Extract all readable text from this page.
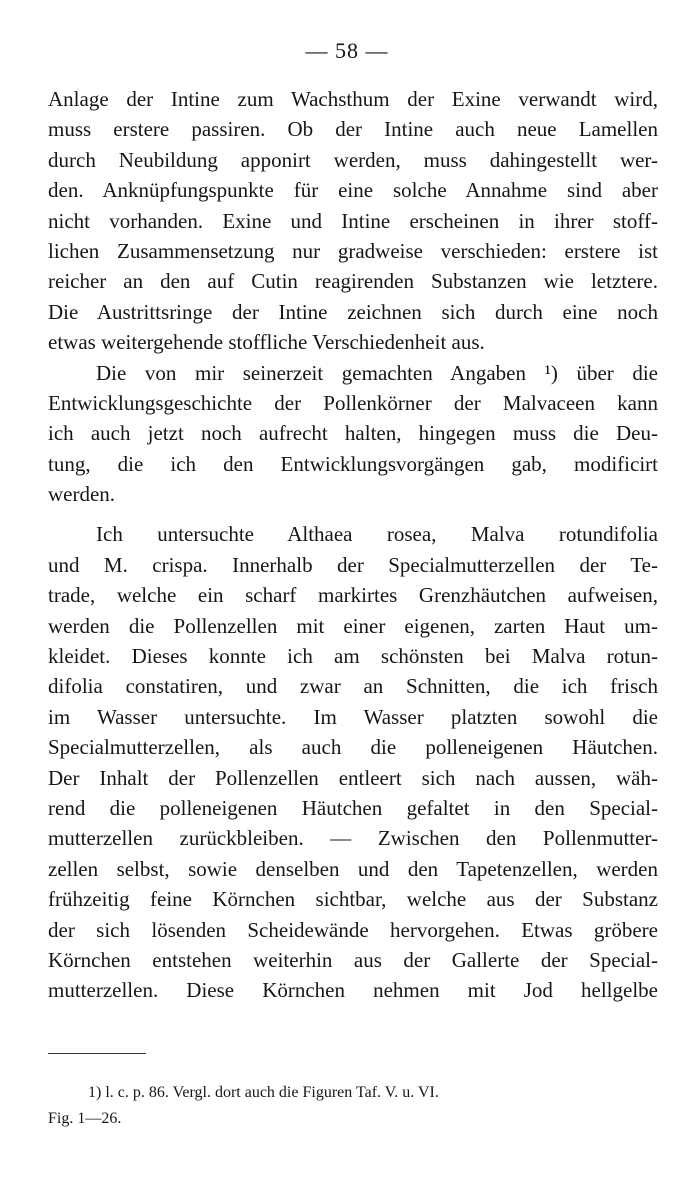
— 58 —
Anlage der Intine zum Wachsthum der Exine verwandt wird,
muss erstere passiren. Ob der Intine auch neue Lamellen
durch Neubildung apponirt werden, muss dahingestellt wer-
den. Anknüpfungspunkte für eine solche Annahme sind aber
nicht vorhanden. Exine und Intine erscheinen in ihrer stoff-
lichen Zusammensetzung nur gradweise verschieden: erstere ist
reicher an den auf Cutin reagirenden Substanzen wie letztere.
Die Austrittsringe der Intine zeichnen sich durch eine noch
etwas weitergehende stoffliche Verschiedenheit aus.
Die von mir seinerzeit gemachten Angaben ¹) über die
Entwicklungsgeschichte der Pollenkörner der Malvaceen kann
ich auch jetzt noch aufrecht halten, hingegen muss die Deu-
tung, die ich den Entwicklungsvorgängen gab, modificirt
werden.
Ich untersuchte Althaea rosea, Malva rotundifolia
und M. crispa. Innerhalb der Specialmutterzellen der Te-
trade, welche ein scharf markirtes Grenzhäutchen aufweisen,
werden die Pollenzellen mit einer eigenen, zarten Haut um-
kleidet. Dieses konnte ich am schönsten bei Malva rotun-
difolia constatiren, und zwar an Schnitten, die ich frisch
im Wasser untersuchte. Im Wasser platzten sowohl die
Specialmutterzellen, als auch die polleneigenen Häutchen.
Der Inhalt der Pollenzellen entleert sich nach aussen, wäh-
rend die polleneigenen Häutchen gefaltet in den Special-
mutterzellen zurückbleiben. — Zwischen den Pollenmutter-
zellen selbst, sowie denselben und den Tapetenzellen, werden
frühzeitig feine Körnchen sichtbar, welche aus der Substanz
der sich lösenden Scheidewände hervorgehen. Etwas gröbere
Körnchen entstehen weiterhin aus der Gallerte der Special-
mutterzellen. Diese Körnchen nehmen mit Jod hellgelbe
1) l. c. p. 86. Vergl. dort auch die Figuren Taf. V. u. VI.
Fig. 1—26.
